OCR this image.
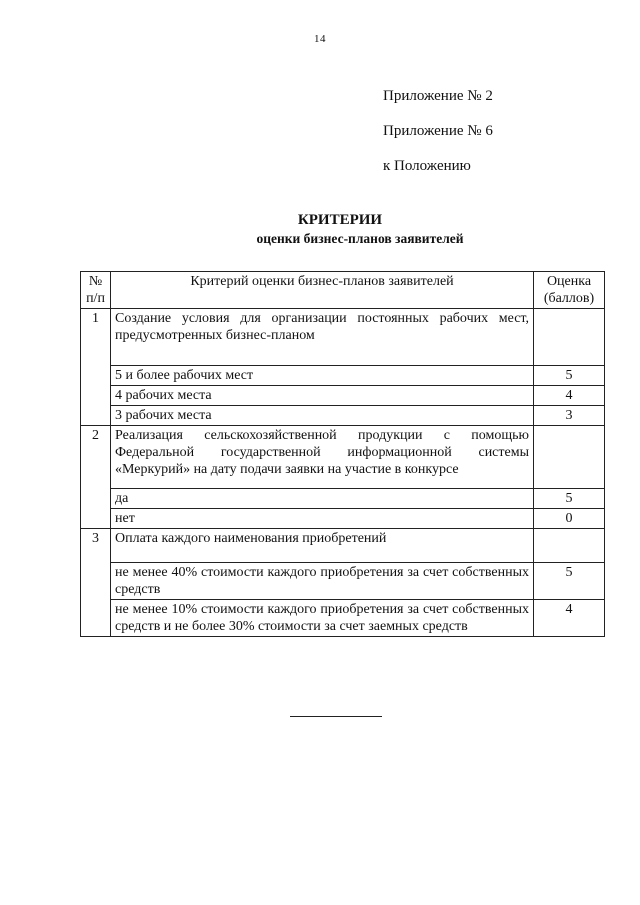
14
Приложение № 2
Приложение № 6
к Положению
КРИТЕРИИ
оценки бизнес-планов заявителей
№ п/п	Критерий оценки бизнес-планов заявителей	Оценка (баллов)
1	Создание условия для организации постоянных рабочих мест, предусмотренных бизнес-планом	
	5 и более рабочих мест	5
	4 рабочих места	4
	3 рабочих места	3
2	Реализация сельскохозяйственной продукции с помощью Федеральной государственной информационной системы «Меркурий» на дату подачи заявки на участие в конкурсе	
	да	5
	нет	0
3	Оплата каждого наименования приобретений	
	не менее 40% стоимости каждого приобретения за счет собственных средств	5
	не менее 10% стоимости каждого приобретения за счет собственных средств и не более 30% стоимости за счет заемных средств	4
